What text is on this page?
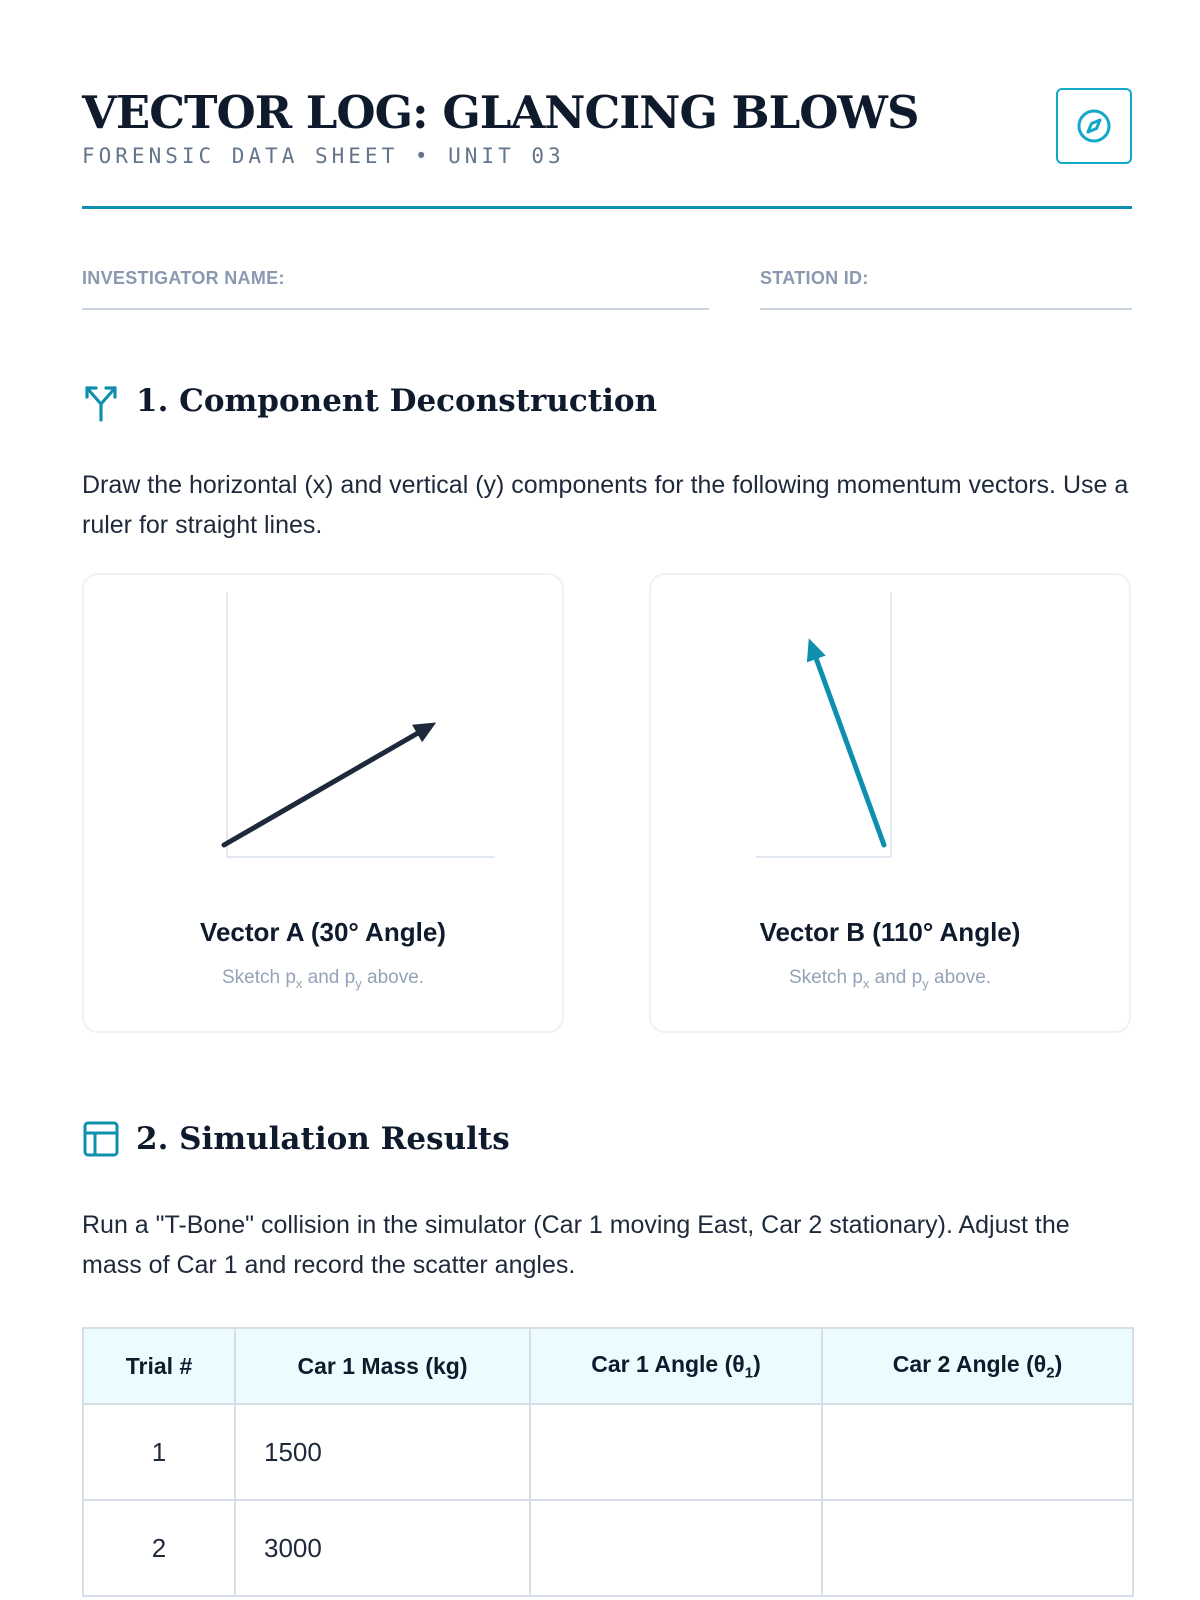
VECTOR LOG: GLANCING BLOWS
FORENSIC DATA SHEET • UNIT 03
INVESTIGATOR NAME:	STATION ID:
1. Component Deconstruction

Draw the horizontal (x) and vertical (y) components for the following momentum vectors. Use a ruler for straight lines.

Vector A (30° Angle)
Sketch $p_x$ and $p_y$ above.
Vector B (110° Angle)
Sketch $p_x$ and $p_y$ above.
2. Simulation Results

Run a "T-Bone" collision in the simulator (Car 1 moving East, Car 2 stationary). Adjust the mass of Car 1 and record the scatter angles.

Trial #	Car 1 Mass (kg)	Car 1 Angle $(\theta_1)$	Car 2 Angle $(\theta_2)$
1	1500		
2	3000		
